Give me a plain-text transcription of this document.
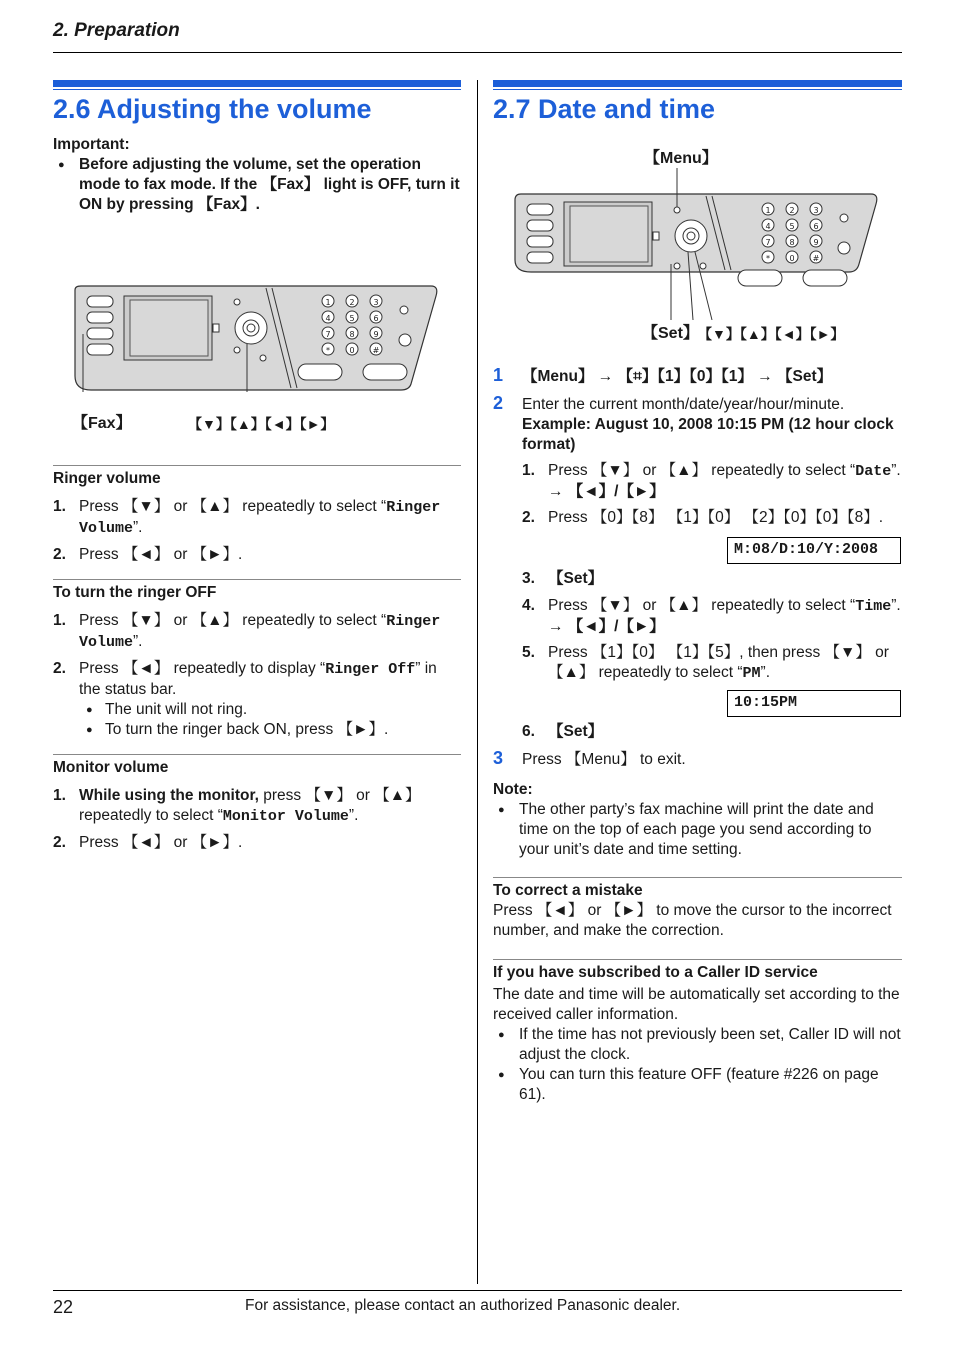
2. Preparation
22	For assistance, please contact an authorized Panasonic dealer.
2.6 Adjusting the volume

Important:

● Before adjusting the volume, set the operation mode to fax mode. If the 【Fax】 light is OFF, turn it ON by pressing 【Fax】.

1 2 3
4 5 6
7 8 9
* 0 #
【Fax】	【▼】【▲】【◄】【►】

Ringer volume

1. Press 【▼】 or 【▲】 repeatedly to select “Ringer Volume”.
2. Press 【◄】 or 【►】.

To turn the ringer OFF

1. Press 【▼】 or 【▲】 repeatedly to select “Ringer Volume”.
2. Press 【◄】 repeatedly to display “Ringer Off” in the status bar.

● The unit will not ring.

● To turn the ringer back ON, press 【►】.

Monitor volume

1. While using the monitor, press 【▼】 or 【▲】 repeatedly to select “Monitor Volume”.
2. Press 【◄】 or 【►】.
2.7 Date and time
【Menu】
1 2 3
4 5 6
7 8 9
* 0 #
【Set】 【▼】【▲】【◄】【►】
1 【Menu】 → 【⌗】【1】【0】【1】 → 【Set】
2 Enter the current month/date/year/hour/minute.

Example: August 10, 2008 10:15 PM (12 hour clock format)

1. Press 【▼】 or 【▲】 repeatedly to select “Date”.

→ 【◄】/【►】

2. Press 【0】【8】 【1】【0】 【2】【0】【0】【8】.
M:08/D:10/Y:2008
3. 【Set】
4. Press 【▼】 or 【▲】 repeatedly to select “Time”.

→ 【◄】/【►】

5. Press 【1】【0】 【1】【5】, then press 【▼】 or 【▲】 repeatedly to select “PM”.
10:15PM
6. 【Set】
3 Press 【Menu】 to exit.

Note:

● The other party’s fax machine will print the date and time on the top of each page you send according to your unit’s date and time setting.

To correct a mistake

Press 【◄】 or 【►】 to move the cursor to the incorrect number, and make the correction.

If you have subscribed to a Caller ID service

The date and time will be automatically set according to the received caller information.

● If the time has not previously been set, Caller ID will not adjust the clock.

● You can turn this feature OFF (feature #226 on page 61).
